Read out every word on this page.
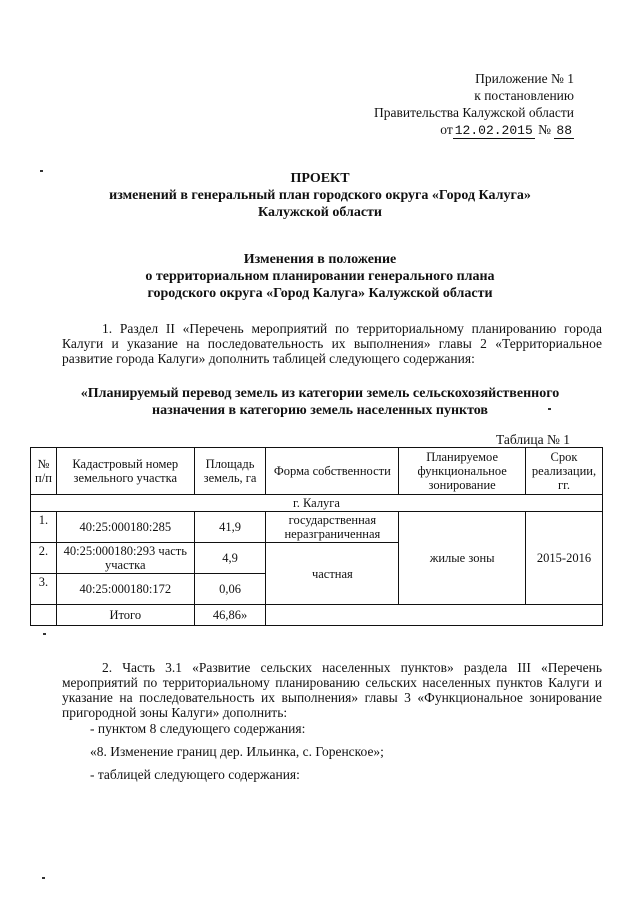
Приложение № 1
к постановлению
Правительства Калужской области
от 12.02.2015 № 88
ПРОЕКТ
изменений в генеральный план городского округа «Город Калуга»
Калужской области
Изменения в положение
о территориальном планировании генерального плана
городского округа «Город Калуга» Калужской области
1. Раздел II «Перечень мероприятий по территориальному планированию города Калуги и указание на последовательность их выполнения» главы 2 «Территориальное развитие города Калуги» дополнить таблицей следующего содержания:
«Планируемый перевод земель из категории земель сельскохозяйственного
назначения в категорию земель населенных пунктов
Таблица № 1
№ п/п	Кадастровый номер земельного участка	Площадь земель, га	Форма собственности	Планируемое функциональное зонирование	Срок реализации, гг.
г. Калуга					
1.	40:25:000180:285	41,9	государственная неразграниченная	жилые зоны	2015-2016
2.	40:25:000180:293 часть участка	4,9	частная		
3.	40:25:000180:172	0,06			
	Итого	46,86»			
2. Часть 3.1 «Развитие сельских населенных пунктов» раздела III «Перечень мероприятий по территориальному планированию сельских населенных пунктов Калуги и указание на последовательность их выполнения» главы 3 «Функциональное зонирование пригородной зоны Калуги» дополнить:
- пунктом 8 следующего содержания:
«8. Изменение границ дер. Ильинка, с. Горенское»;
- таблицей следующего содержания:
